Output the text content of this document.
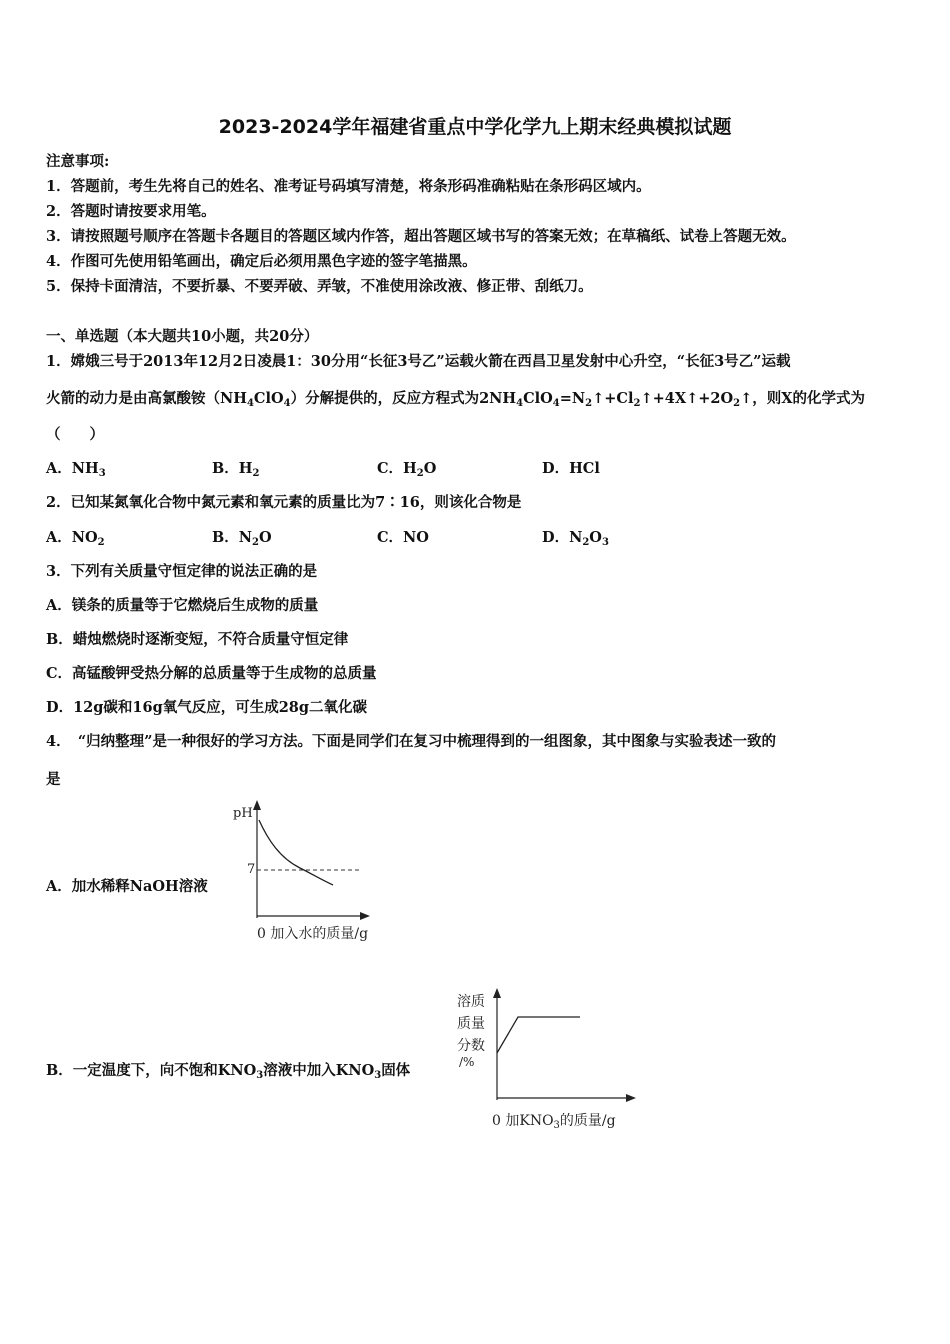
2023-2024学年福建省重点中学化学九上期末经典模拟试题
注意事项:
1．答题前，考生先将自己的姓名、准考证号码填写清楚，将条形码准确粘贴在条形码区域内。
2．答题时请按要求用笔。
3．请按照题号顺序在答题卡各题目的答题区域内作答，超出答题区域书写的答案无效；在草稿纸、试卷上答题无效。
4．作图可先使用铅笔画出，确定后必须用黑色字迹的签字笔描黑。
5．保持卡面清洁，不要折暴、不要弄破、弄皱，不准使用涂改液、修正带、刮纸刀。
一、单选题（本大题共10小题，共20分）
1．嫦娥三号于2013年12月2日凌晨1：30分用“长征3号乙”运载火箭在西昌卫星发射中心升空，“长征3号乙”运载
火箭的动力是由高氯酸铵$(NH_4ClO_4)$分解提供的，反应方程式为$2NH_4ClO_4=N_2↑+Cl_2↑+4X↑+2O_2↑$，则X的化学式为
（　　）
A．$NH_3$	B．$H_2$	C．$H_2O$	D．HCl
2．已知某氮氧化合物中氮元素和氧元素的质量比为7∶16，则该化合物是
A．$NO_2$	B．$N_2O$	C．NO	D．$N_2O_3$
3．下列有关质量守恒定律的说法正确的是
A．镁条的质量等于它燃烧后生成物的质量
B．蜡烛燃烧时逐渐变短，不符合质量守恒定律
C．高锰酸钾受热分解的总质量等于生成物的总质量
D．12g碳和16g氧气反应，可生成28g二氧化碳
4．　“归纳整理”是一种很好的学习方法。下面是同学们在复习中梳理得到的一组图象，其中图象与实验表述一致的
是
A．加水稀释NaOH溶液
pH
7
0 加入水的质量/g
B．一定温度下，向不饱和$KNO_3$溶液中加入$KNO_3$固体
溶质
质量
分数
/%
0 加$KNO_3$的质量/g
